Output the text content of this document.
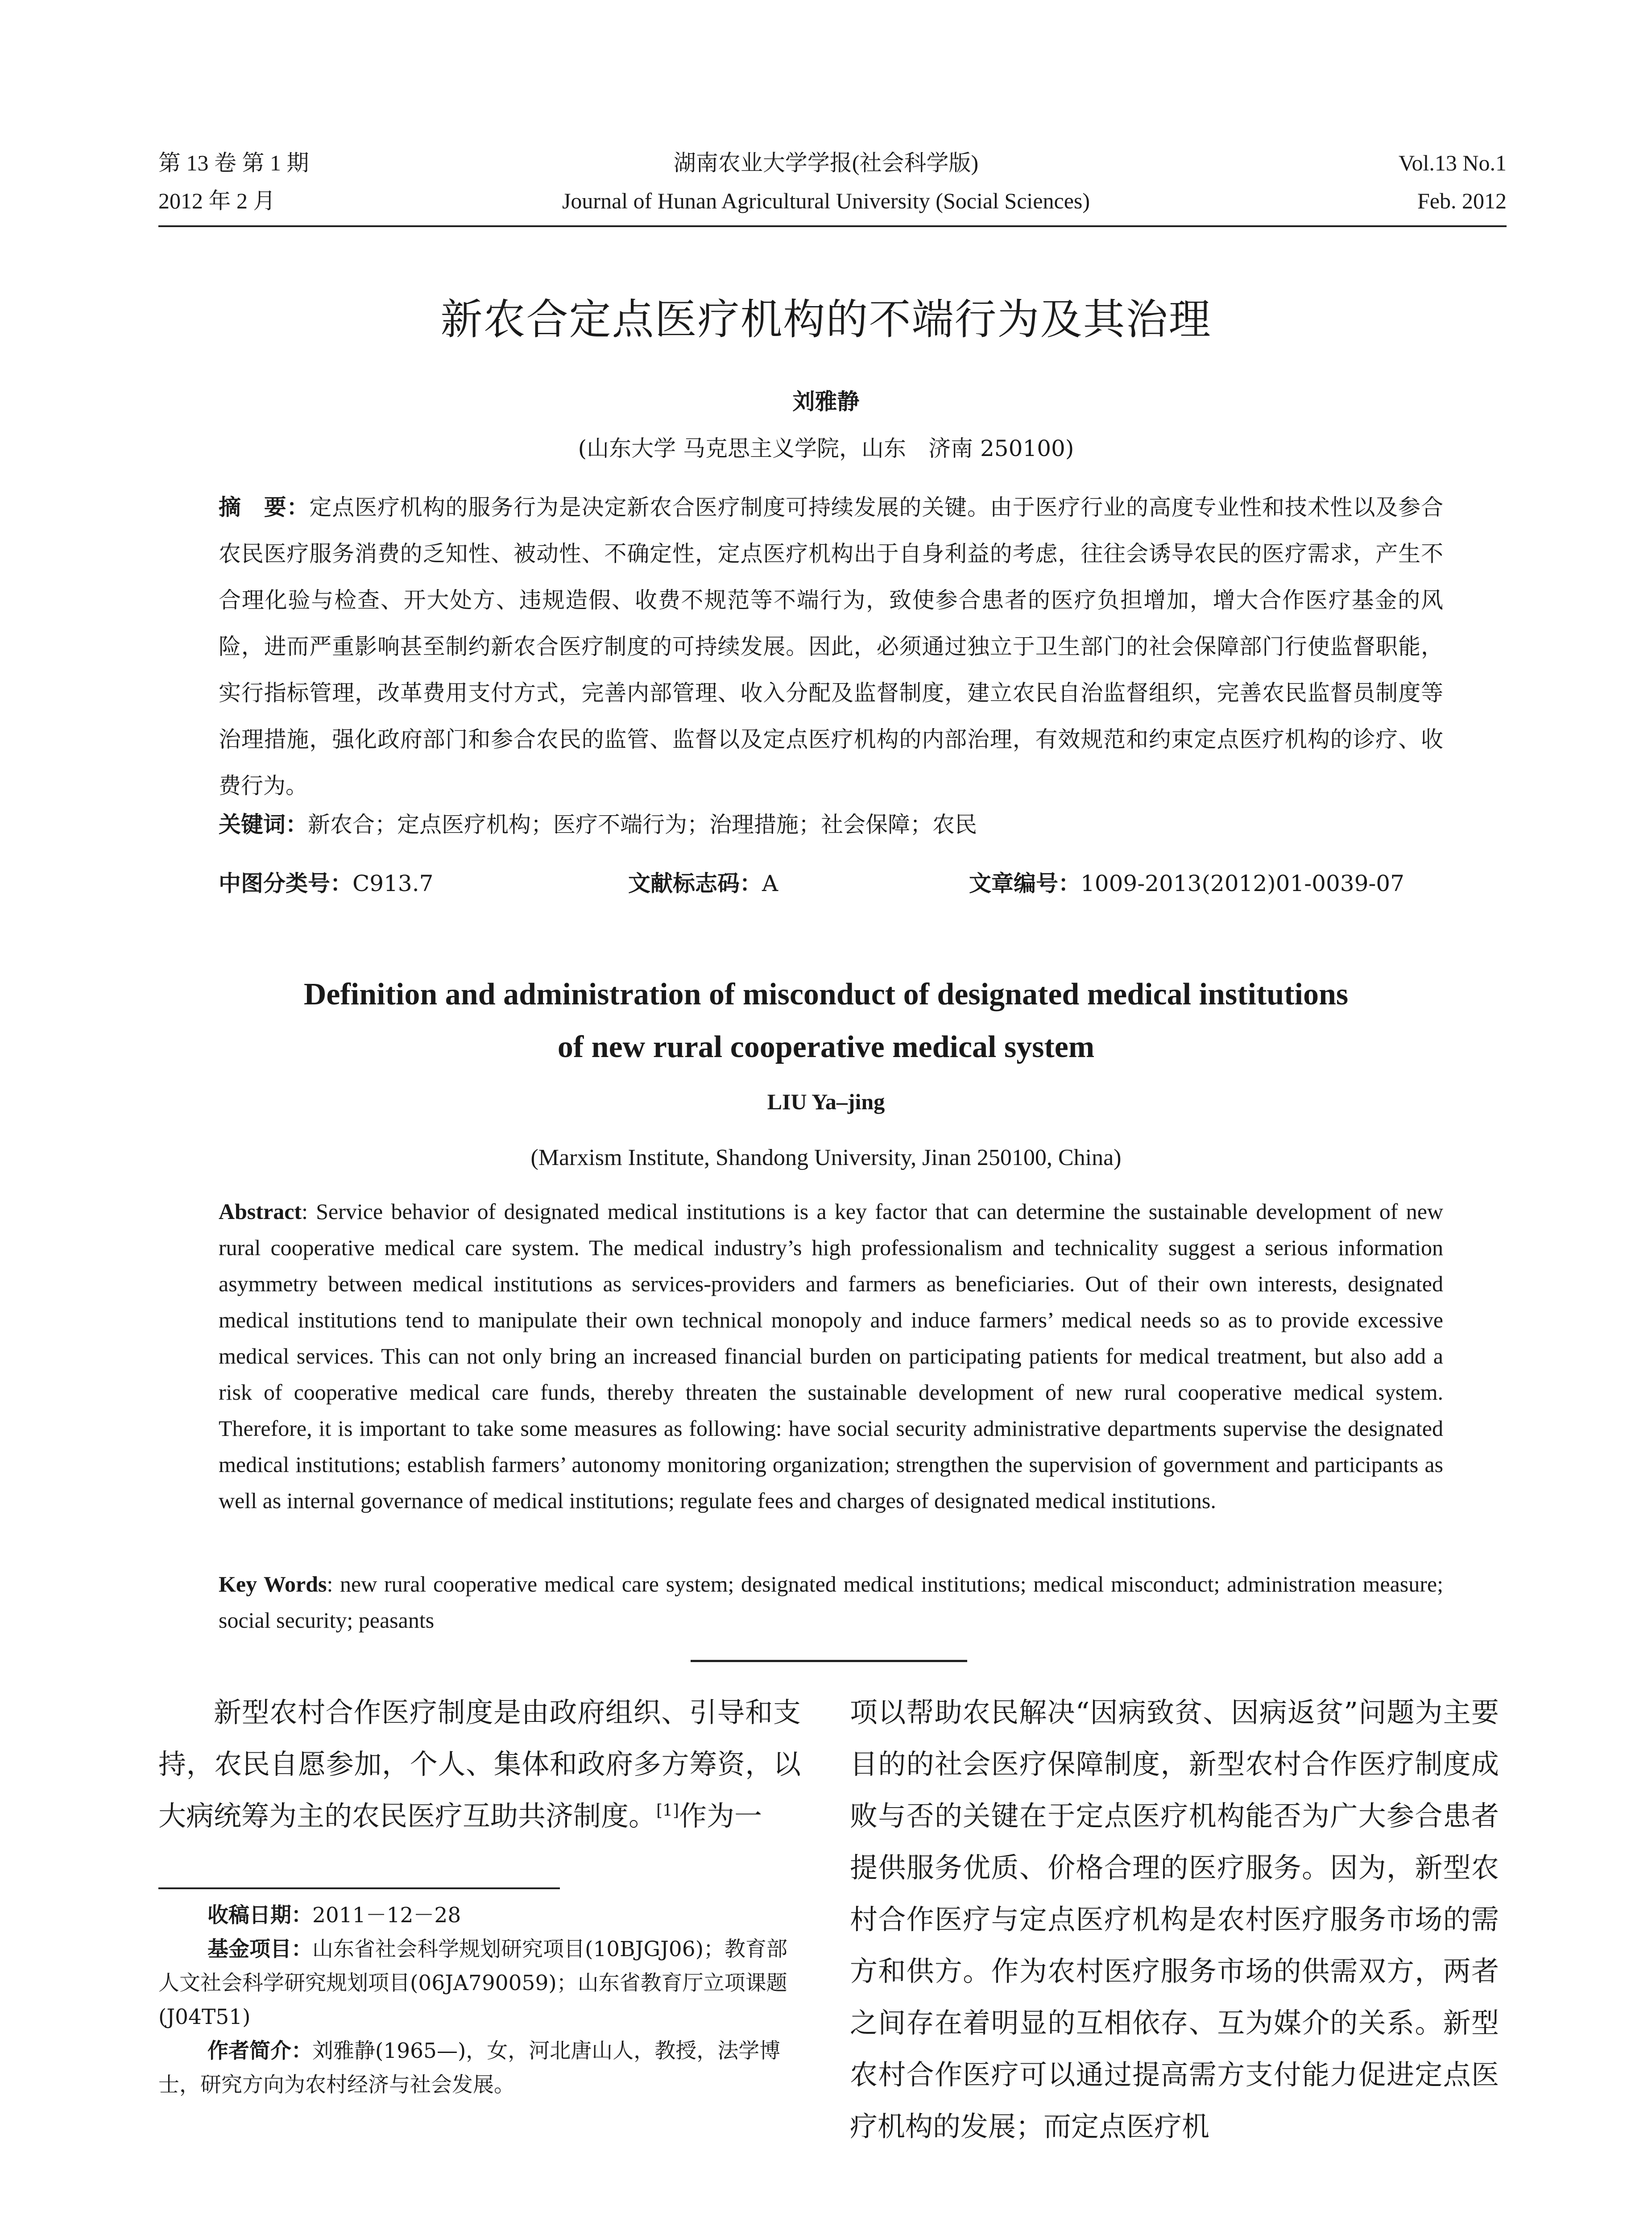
第 13 卷 第 1 期
2012 年 2 月
湖南农业大学学报(社会科学版)
Journal of Hunan Agricultural University (Social Sciences)
Vol.13 No.1
Feb. 2012
新农合定点医疗机构的不端行为及其治理
刘雅静
(山东大学 马克思主义学院，山东　济南 250100)
摘　要：定点医疗机构的服务行为是决定新农合医疗制度可持续发展的关键。由于医疗行业的高度专业性和技术性以及参合农民医疗服务消费的乏知性、被动性、不确定性，定点医疗机构出于自身利益的考虑，往往会诱导农民的医疗需求，产生不合理化验与检查、开大处方、违规造假、收费不规范等不端行为，致使参合患者的医疗负担增加，增大合作医疗基金的风险，进而严重影响甚至制约新农合医疗制度的可持续发展。因此，必须通过独立于卫生部门的社会保障部门行使监督职能，实行指标管理，改革费用支付方式，完善内部管理、收入分配及监督制度，建立农民自治监督组织，完善农民监督员制度等治理措施，强化政府部门和参合农民的监管、监督以及定点医疗机构的内部治理，有效规范和约束定点医疗机构的诊疗、收费行为。
关键词：新农合；定点医疗机构；医疗不端行为；治理措施；社会保障；农民
中图分类号：C913.7	文献标志码：A	文章编号：1009-2013(2012)01-0039-07
Definition and administration of misconduct of designated medical institutions
of new rural cooperative medical system
LIU Ya–jing
(Marxism Institute, Shandong University, Jinan 250100, China)
Abstract: Service behavior of designated medical institutions is a key factor that can determine the sustainable development of new rural cooperative medical care system. The medical industry’s high professionalism and technicality suggest a serious information asymmetry between medical institutions as services-providers and farmers as beneficiaries. Out of their own interests, designated medical institutions tend to manipulate their own technical monopoly and induce farmers’ medical needs so as to provide excessive medical services. This can not only bring an increased financial burden on participating patients for medical treatment, but also add a risk of cooperative medical care funds, thereby threaten the sustainable development of new rural cooperative medical system. Therefore, it is important to take some measures as following: have social security administrative departments supervise the designated medical institutions; establish farmers’ autonomy monitoring organization; strengthen the supervision of government and participants as well as internal governance of medical institutions; regulate fees and charges of designated medical institutions.
Key Words: new rural cooperative medical care system; designated medical institutions; medical misconduct; administration measure; social security; peasants
新型农村合作医疗制度是由政府组织、引导和支持，农民自愿参加，个人、集体和政府多方筹资，以大病统筹为主的农民医疗互助共济制度。[1]作为一
项以帮助农民解决“因病致贫、因病返贫”问题为主要目的的社会医疗保障制度，新型农村合作医疗制度成败与否的关键在于定点医疗机构能否为广大参合患者提供服务优质、价格合理的医疗服务。因为，新型农村合作医疗与定点医疗机构是农村医疗服务市场的需方和供方。作为农村医疗服务市场的供需双方，两者之间存在着明显的互相依存、互为媒介的关系。新型农村合作医疗可以通过提高需方支付能力促进定点医疗机构的发展；而定点医疗机

收稿日期：2011－12－28

基金项目：山东省社会科学规划研究项目(10BJGJ06)；教育部人文社会科学研究规划项目(06JA790059)；山东省教育厅立项课题(J04T51)

作者简介：刘雅静(1965—)，女，河北唐山人，教授，法学博士，研究方向为农村经济与社会发展。
